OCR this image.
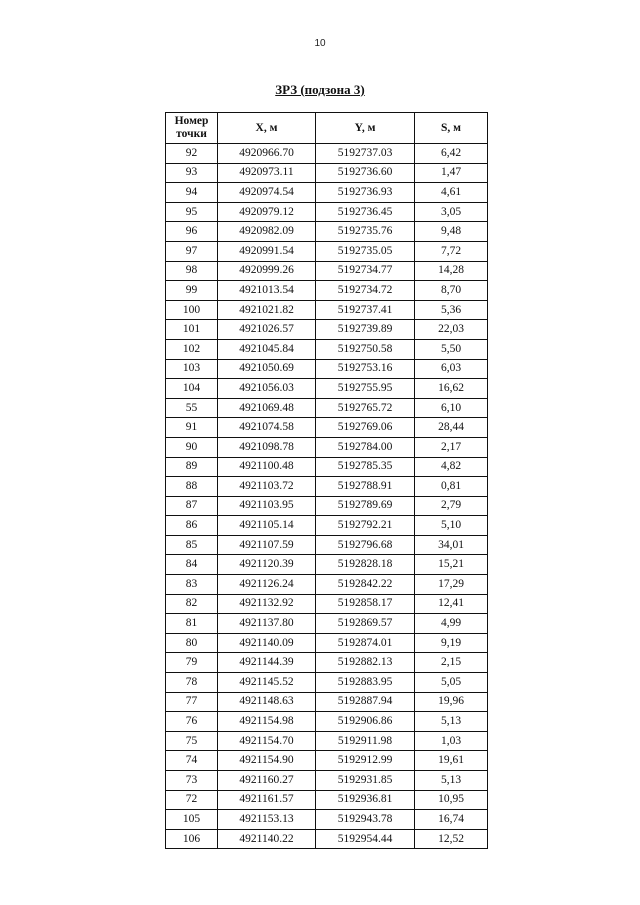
10
ЗРЗ (подзона 3)
Номер точки	X, м	Y, м	S, м
92	4920966.70	5192737.03	6,42
93	4920973.11	5192736.60	1,47
94	4920974.54	5192736.93	4,61
95	4920979.12	5192736.45	3,05
96	4920982.09	5192735.76	9,48
97	4920991.54	5192735.05	7,72
98	4920999.26	5192734.77	14,28
99	4921013.54	5192734.72	8,70
100	4921021.82	5192737.41	5,36
101	4921026.57	5192739.89	22,03
102	4921045.84	5192750.58	5,50
103	4921050.69	5192753.16	6,03
104	4921056.03	5192755.95	16,62
55	4921069.48	5192765.72	6,10
91	4921074.58	5192769.06	28,44
90	4921098.78	5192784.00	2,17
89	4921100.48	5192785.35	4,82
88	4921103.72	5192788.91	0,81
87	4921103.95	5192789.69	2,79
86	4921105.14	5192792.21	5,10
85	4921107.59	5192796.68	34,01
84	4921120.39	5192828.18	15,21
83	4921126.24	5192842.22	17,29
82	4921132.92	5192858.17	12,41
81	4921137.80	5192869.57	4,99
80	4921140.09	5192874.01	9,19
79	4921144.39	5192882.13	2,15
78	4921145.52	5192883.95	5,05
77	4921148.63	5192887.94	19,96
76	4921154.98	5192906.86	5,13
75	4921154.70	5192911.98	1,03
74	4921154.90	5192912.99	19,61
73	4921160.27	5192931.85	5,13
72	4921161.57	5192936.81	10,95
105	4921153.13	5192943.78	16,74
106	4921140.22	5192954.44	12,52
